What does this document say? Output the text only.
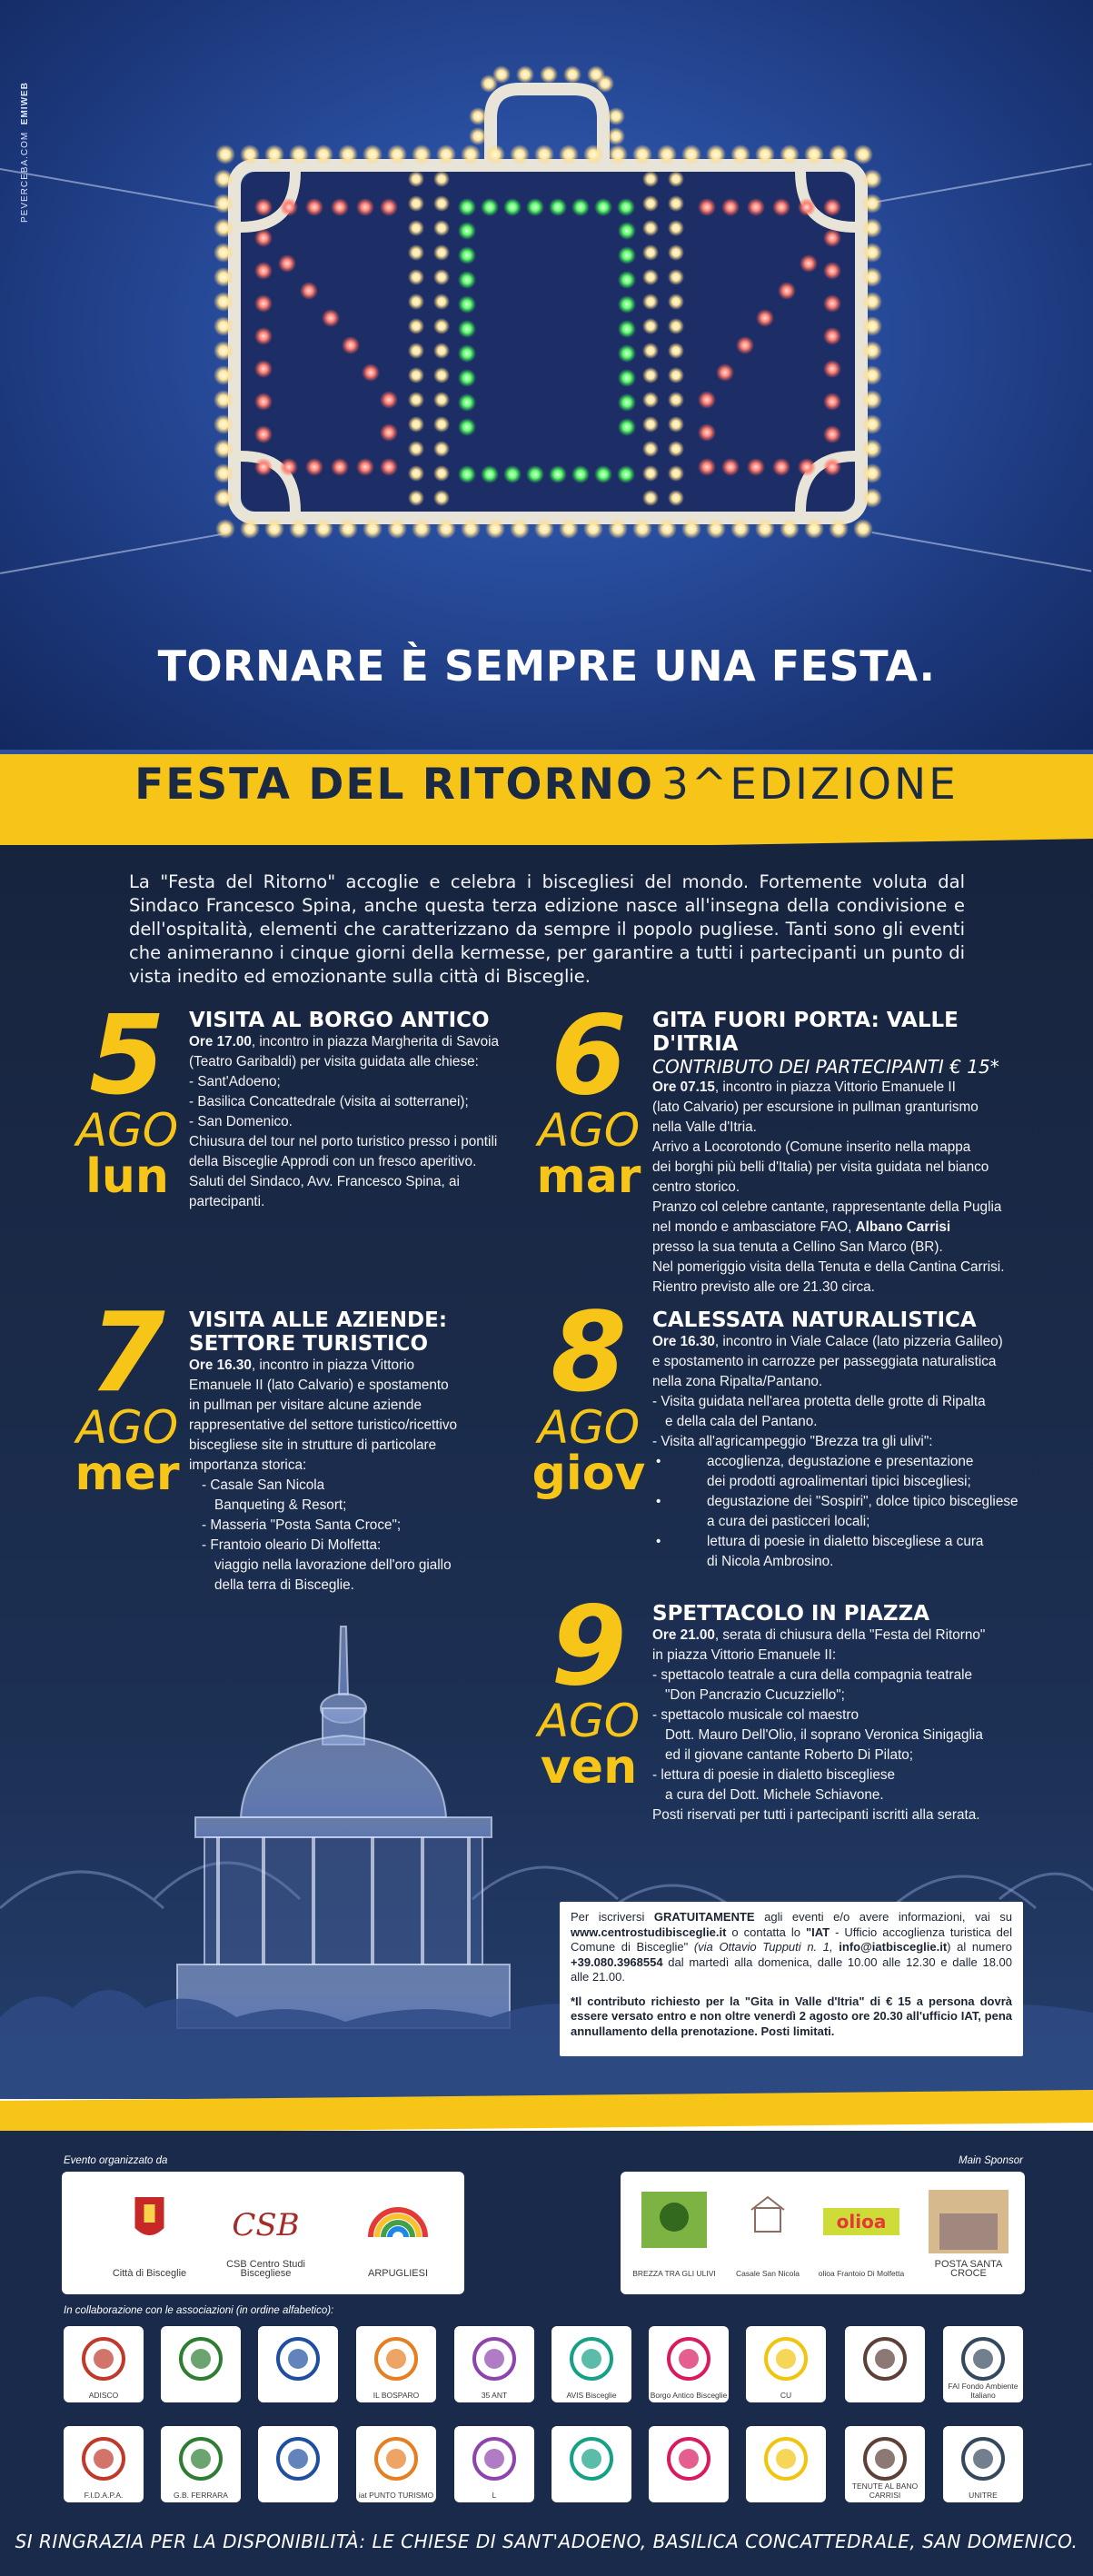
PEVERCEBA.COM  EMIWEB
TORNARE È SEMPRE UNA FESTA.
FESTA DEL RITORNO 3^EDIZIONE

La "Festa del Ritorno" accoglie e celebra i biscegliesi del mondo. Fortemente voluta dal Sindaco Francesco Spina, anche questa terza edizione nasce all'insegna della condivisione e dell'ospitalità, elementi che caratterizzano da sempre il popolo pugliese. Tanti sono gli eventi che animeranno i cinque giorni della kermesse, per garantire a tutti i partecipanti un punto di vista inedito ed emozionante sulla città di Bisceglie.

5
AGO
lun
VISITA AL BORGO ANTICO

Ore 17.00, incontro in piazza Margherita di Savoia

(Teatro Garibaldi) per visita guidata alle chiese:

- Sant'Adoeno;

- Basilica Concattedrale (visita ai sotterranei);

- San Domenico.

Chiusura del tour nel porto turistico presso i pontili

della Bisceglie Approdi con un fresco aperitivo.

Saluti del Sindaco, Avv. Francesco Spina, ai partecipanti.

6
AGO
mar
GITA FUORI PORTA: VALLE D'ITRIA
CONTRIBUTO DEI PARTECIPANTI € 15*

Ore 07.15, incontro in piazza Vittorio Emanuele II

(lato Calvario) per escursione in pullman granturismo

nella Valle d'Itria.

Arrivo a Locorotondo (Comune inserito nella mappa

dei borghi più belli d'Italia) per visita guidata nel bianco

centro storico.

Pranzo col celebre cantante, rappresentante della Puglia

nel mondo e ambasciatore FAO, Albano Carrisi

presso la sua tenuta a Cellino San Marco (BR).

Nel pomeriggio visita della Tenuta e della Cantina Carrisi.

Rientro previsto alle ore 21.30 circa.

7
AGO
mer
VISITA ALLE AZIENDE:
SETTORE TURISTICO

Ore 16.30, incontro in piazza Vittorio

Emanuele II (lato Calvario) e spostamento

in pullman per visitare alcune aziende

rappresentative del settore turistico/ricettivo

biscegliese site in strutture di particolare

importanza storica:

- Casale San Nicola

Banqueting & Resort;

- Masseria "Posta Santa Croce";

- Frantoio oleario Di Molfetta:

viaggio nella lavorazione dell'oro giallo

della terra di Bisceglie.

8
AGO
giov
CALESSATA NATURALISTICA

Ore 16.30, incontro in Viale Calace (lato pizzeria Galileo)

e spostamento in carrozze per passeggiata naturalistica

nella zona Ripalta/Pantano.

- Visita guidata nell'area protetta delle grotte di Ripalta

e della cala del Pantano.

- Visita all'agricampeggio "Brezza tra gli ulivi":

• accoglienza, degustazione e presentazione

dei prodotti agroalimentari tipici biscegliesi;

• degustazione dei "Sospiri", dolce tipico biscegliese

a cura dei pasticceri locali;

• lettura di poesie in dialetto biscegliese a cura

di Nicola Ambrosino.

9
AGO
ven
SPETTACOLO IN PIAZZA

Ore 21.00, serata di chiusura della "Festa del Ritorno"

in piazza Vittorio Emanuele II:

- spettacolo teatrale a cura della compagnia teatrale

"Don Pancrazio Cucuzziello";

- spettacolo musicale col maestro

Dott. Mauro Dell'Olio, il soprano Veronica Sinigaglia

ed il giovane cantante Roberto Di Pilato;

- lettura di poesie in dialetto biscegliese

a cura del Dott. Michele Schiavone.

Posti riservati per tutti i partecipanti iscritti alla serata.

Per iscriversi GRATUITAMENTE agli eventi e/o avere informazioni, vai su www.centrostudibisceglie.it o contatta lo "IAT - Ufficio accoglienza turistica del Comune di Bisceglie" (via Ottavio Tupputi n. 1, info@iatbisceglie.it) al numero +39.080.3968554 dal martedì alla domenica, dalle 10.00 alle 12.30 e dalle 18.00 alle 21.00.

*Il contributo richiesto per la "Gita in Valle d'Itria" di € 15 a persona dovrà essere versato entro e non oltre venerdì 2 agosto ore 20.30 all'ufficio IAT, pena annullamento della prenotazione. Posti limitati.

Evento organizzato da	Main Sponsor
In collaborazione con le associazioni (in ordine alfabetico):
SI RINGRAZIA PER LA DISPONIBILITÀ: LE CHIESE DI SANT'ADOENO, BASILICA CONCATTEDRALE, SAN DOMENICO.
Città di Bisceglie
CSB
CSB Centro Studi Biscegliese	ARPUGLIESI	BREZZA TRA GLI ULIVI	Casale San Nicola
olioa
olioa Frantoio Di Molfetta
POSTA SANTA CROCE
ADISCO	IL BOSPARO	35 ANT	AVIS Bisceglie	Borgo Antico Bisceglie	CU
FAI Fondo Ambiente Italiano
F.I.D.A.P.A.	G.B. FERRARA	iat PUNTO TURISMO	L
TENUTE AL BANO CARRISI	UNITRE
